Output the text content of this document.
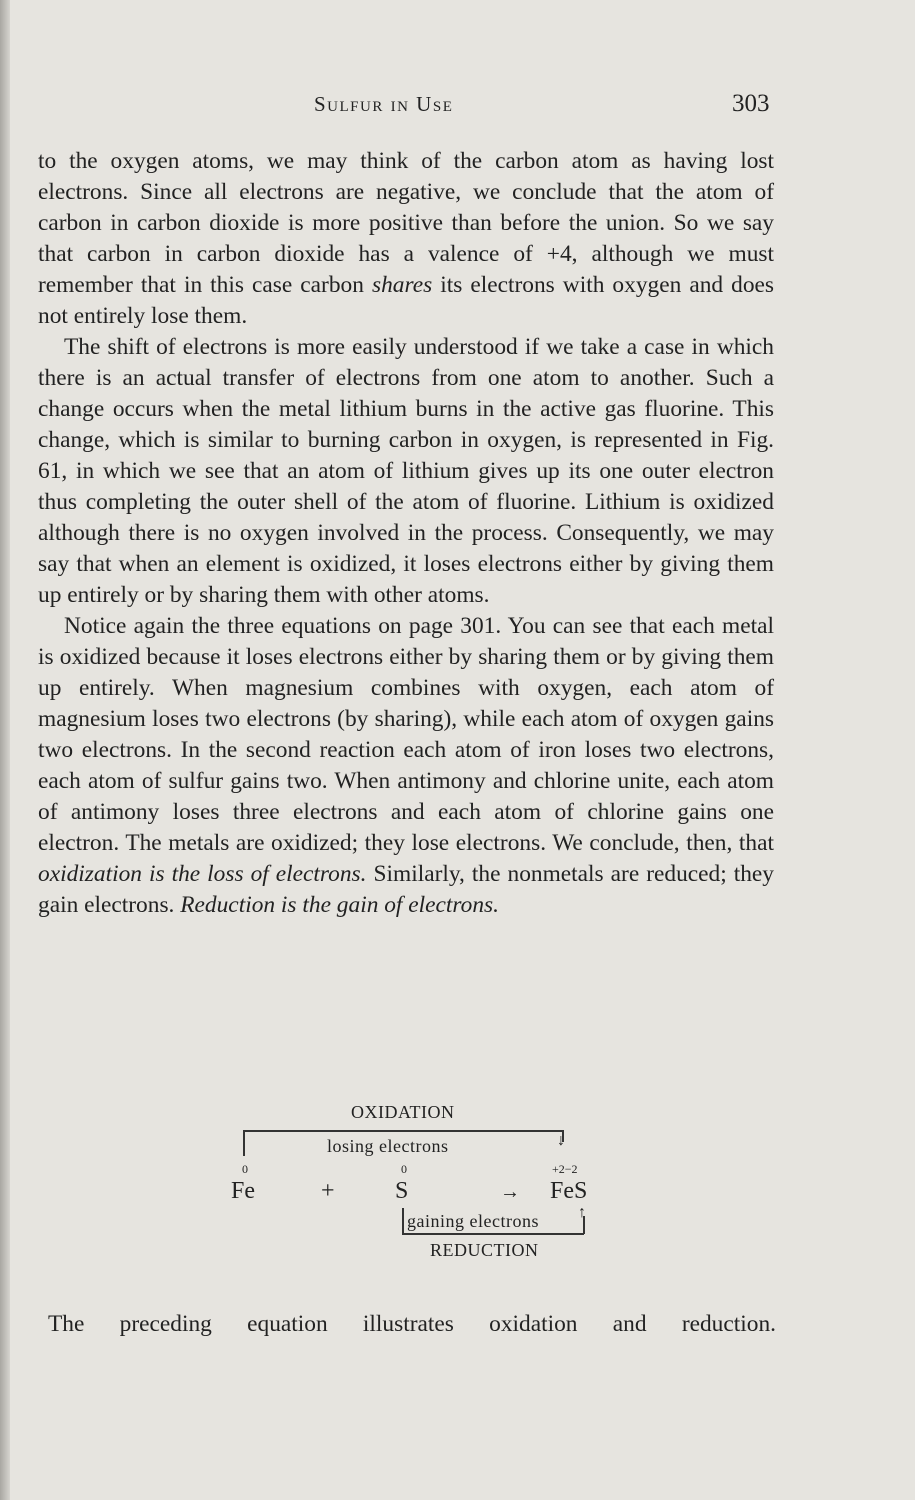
Sulfur in Use	303

to the oxygen atoms, we may think of the carbon atom as having lost electrons. Since all electrons are negative, we conclude that the atom of carbon in carbon dioxide is more positive than before the union. So we say that carbon in carbon dioxide has a valence of +4, although we must remember that in this case carbon shares its electrons with oxygen and does not entirely lose them.

The shift of electrons is more easily understood if we take a case in which there is an actual transfer of electrons from one atom to another. Such a change occurs when the metal lithium burns in the active gas fluorine. This change, which is similar to burning carbon in oxygen, is represented in Fig. 61, in which we see that an atom of lithium gives up its one outer electron thus completing the outer shell of the atom of fluorine. Lithium is oxidized although there is no oxygen involved in the process. Consequently, we may say that when an element is oxidized, it loses electrons either by giving them up entirely or by sharing them with other atoms.

Notice again the three equations on page 301. You can see that each metal is oxidized because it loses electrons either by sharing them or by giving them up entirely. When magnesium combines with oxygen, each atom of magnesium loses two electrons (by sharing), while each atom of oxygen gains two electrons. In the second reaction each atom of iron loses two electrons, each atom of sulfur gains two. When antimony and chlorine unite, each atom of antimony loses three electrons and each atom of chlorine gains one electron. The metals are oxidized; they lose electrons. We conclude, then, that oxidization is the loss of electrons. Similarly, the nonmetals are reduced; they gain electrons. Reduction is the gain of electrons.

OXIDATION
↓
losing electrons
0	0	+2−2
Fe	+	S	→ FeS
gaining electrons ↑
REDUCTION

The preceding equation illustrates oxidation and reduction.
